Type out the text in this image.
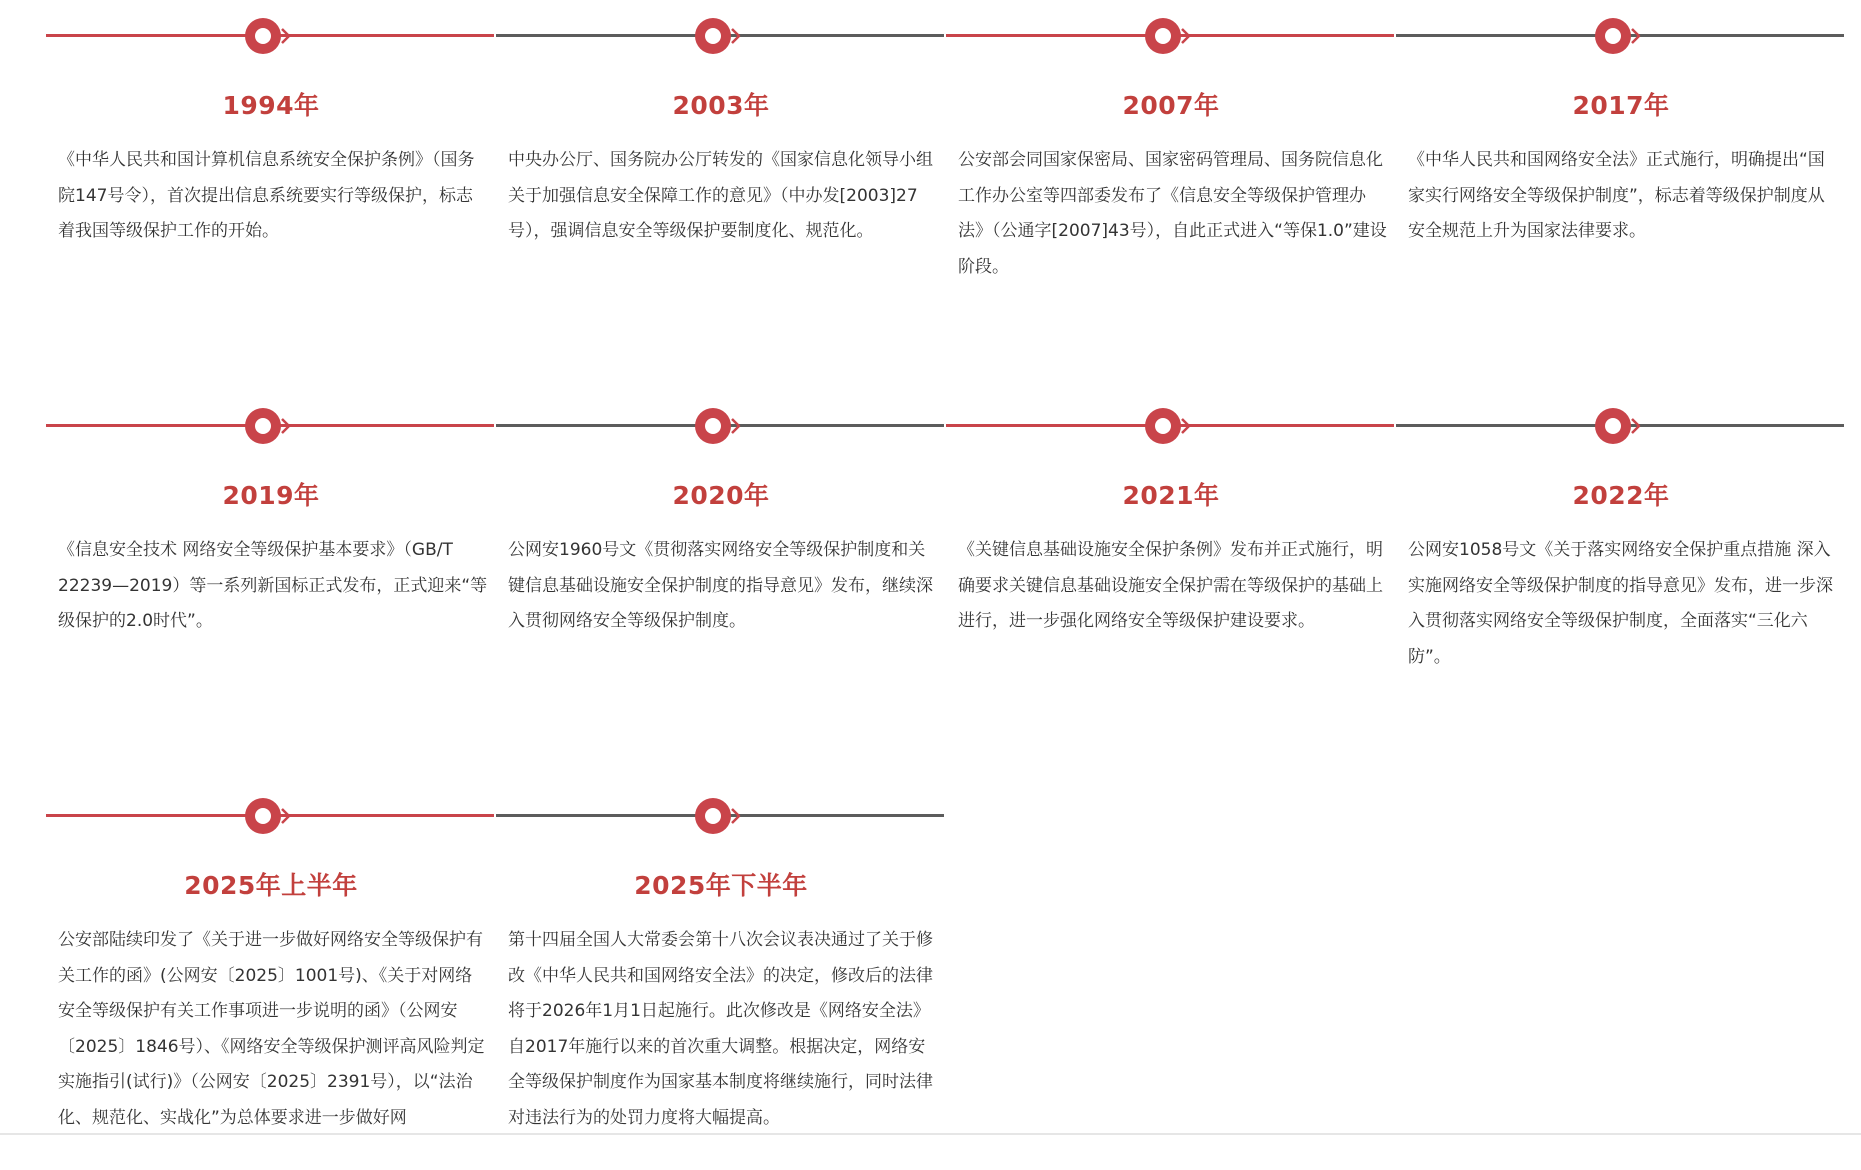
1994年

《中华人民共和国计算机信息系统安全保护条例》（国务院147号令），首次提出信息系统要实行等级保护，标志着我国等级保护工作的开始。

2003年

中央办公厅、国务院办公厅转发的《国家信息化领导小组关于加强信息安全保障工作的意见》（中办发[2003]27号），强调信息安全等级保护要制度化、规范化。

2007年

公安部会同国家保密局、国家密码管理局、国务院信息化工作办公室等四部委发布了《信息安全等级保护管理办法》（公通字[2007]43号），自此正式进入“等保1.0”建设阶段。

2017年

《中华人民共和国网络安全法》正式施行，明确提出“国家实行网络安全等级保护制度”，标志着等级保护制度从安全规范上升为国家法律要求。

2019年

《信息安全技术 网络安全等级保护基本要求》（GB/T 22239—2019）等一系列新国标正式发布，正式迎来“等级保护的2.0时代”。

2020年

公网安1960号文《贯彻落实网络安全等级保护制度和关键信息基础设施安全保护制度的指导意见》发布，继续深入贯彻网络安全等级保护制度。

2021年

《关键信息基础设施安全保护条例》发布并正式施行，明确要求关键信息基础设施安全保护需在等级保护的基础上进行，进一步强化网络安全等级保护建设要求。

2022年

公网安1058号文《关于落实网络安全保护重点措施 深入实施网络安全等级保护制度的指导意见》发布，进一步深入贯彻落实网络安全等级保护制度，全面落实“三化六防”。

2025年上半年

公安部陆续印发了《关于进一步做好网络安全等级保护有关工作的函》(公网安〔2025〕1001号)、《关于对网络安全等级保护有关工作事项进一步说明的函》（公网安〔2025〕1846号）、《网络安全等级保护测评高风险判定实施指引(试行)》（公网安〔2025〕2391号），以“法治化、规范化、实战化”为总体要求进一步做好网

2025年下半年

第十四届全国人大常委会第十八次会议表决通过了关于修改《中华人民共和国网络安全法》的决定，修改后的法律将于2026年1月1日起施行。此次修改是《网络安全法》自2017年施行以来的首次重大调整。根据决定，网络安全等级保护制度作为国家基本制度将继续施行，同时法律对违法行为的处罚力度将大幅提高。
